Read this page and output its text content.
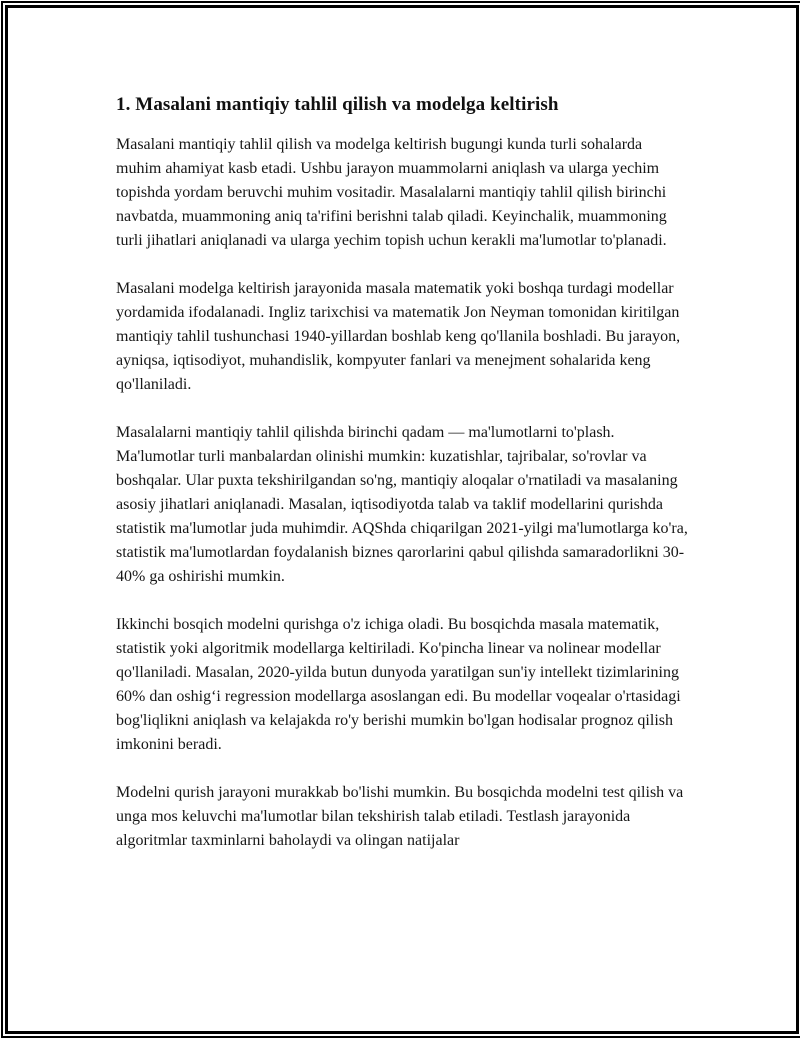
1. Masalani mantiqiy tahlil qilish va modelga keltirish

Masalani mantiqiy tahlil qilish va modelga keltirish bugungi kunda turli sohalarda muhim ahamiyat kasb etadi. Ushbu jarayon muammolarni aniqlash va ularga yechim topishda yordam beruvchi muhim vositadir. Masalalarni mantiqiy tahlil qilish birinchi navbatda, muammoning aniq ta'rifini berishni talab qiladi. Keyinchalik, muammoning turli jihatlari aniqlanadi va ularga yechim topish uchun kerakli ma'lumotlar to'planadi.

Masalani modelga keltirish jarayonida masala matematik yoki boshqa turdagi modellar yordamida ifodalanadi. Ingliz tarixchisi va matematik Jon Neyman tomonidan kiritilgan mantiqiy tahlil tushunchasi 1940-yillardan boshlab keng qo'llanila boshladi. Bu jarayon, ayniqsa, iqtisodiyot, muhandislik, kompyuter fanlari va menejment sohalarida keng qo'llaniladi.

Masalalarni mantiqiy tahlil qilishda birinchi qadam — ma'lumotlarni to'plash. Ma'lumotlar turli manbalardan olinishi mumkin: kuzatishlar, tajribalar, so'rovlar va boshqalar. Ular puxta tekshirilgandan so'ng, mantiqiy aloqalar o'rnatiladi va masalaning asosiy jihatlari aniqlanadi. Masalan, iqtisodiyotda talab va taklif modellarini qurishda statistik ma'lumotlar juda muhimdir. AQShda chiqarilgan 2021-yilgi ma'lumotlarga ko'ra, statistik ma'lumotlardan foydalanish biznes qarorlarini qabul qilishda samaradorlikni 30-40% ga oshirishi mumkin.

Ikkinchi bosqich modelni qurishga o'z ichiga oladi. Bu bosqichda masala matematik, statistik yoki algoritmik modellarga keltiriladi. Ko'pincha linear va nolinear modellar qo'llaniladi. Masalan, 2020-yilda butun dunyoda yaratilgan sun'iy intellekt tizimlarining 60% dan oshigʻi regression modellarga asoslangan edi. Bu modellar voqealar o'rtasidagi bog'liqlikni aniqlash va kelajakda ro'y berishi mumkin bo'lgan hodisalar prognoz qilish imkonini beradi.

Modelni qurish jarayoni murakkab bo'lishi mumkin. Bu bosqichda modelni test qilish va unga mos keluvchi ma'lumotlar bilan tekshirish talab etiladi. Testlash jarayonida algoritmlar taxminlarni baholaydi va olingan natijalar
